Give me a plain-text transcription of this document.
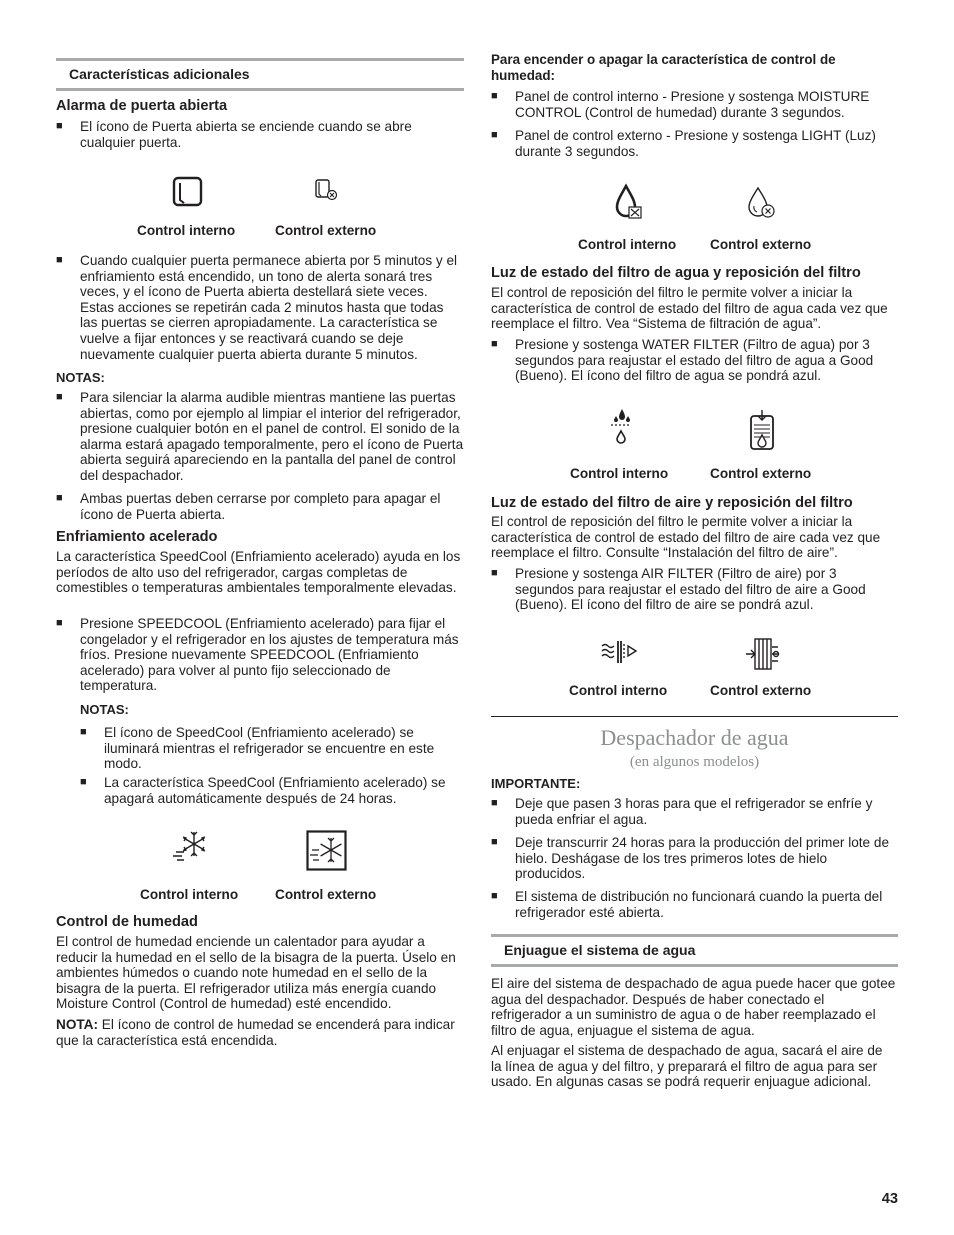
Características adicionales
Alarma de puerta abierta

■ El ícono de Puerta abierta se enciende cuando se abre cualquier puerta.

Control interno	Control externo

■ Cuando cualquier puerta permanece abierta por 5 minutos y el enfriamiento está encendido, un tono de alerta sonará tres veces, y el ícono de Puerta abierta destellará siete veces. Estas acciones se repetirán cada 2 minutos hasta que todas las puertas se cierren apropiadamente. La característica se vuelve a fijar entonces y se reactivará cuando se deje nuevamente cualquier puerta abierta durante 5 minutos.

NOTAS:

■ Para silenciar la alarma audible mientras mantiene las puertas abiertas, como por ejemplo al limpiar el interior del refrigerador, presione cualquier botón en el panel de control. El sonido de la alarma estará apagado temporalmente, pero el ícono de Puerta abierta seguirá apareciendo en la pantalla del panel de control del despachador.

■ Ambas puertas deben cerrarse por completo para apagar el ícono de Puerta abierta.

Enfriamiento acelerado

La característica SpeedCool (Enfriamiento acelerado) ayuda en los períodos de alto uso del refrigerador, cargas completas de comestibles o temperaturas ambientales temporalmente elevadas.

■ Presione SPEEDCOOL (Enfriamiento acelerado) para fijar el congelador y el refrigerador en los ajustes de temperatura más fríos. Presione nuevamente SPEEDCOOL (Enfriamiento acelerado) para volver al punto fijo seleccionado de temperatura.

NOTAS:

■ El ícono de SpeedCool (Enfriamiento acelerado) se iluminará mientras el refrigerador se encuentre en este modo.

■ La característica SpeedCool (Enfriamiento acelerado) se apagará automáticamente después de 24 horas.

Control interno	Control externo
Control de humedad

El control de humedad enciende un calentador para ayudar a reducir la humedad en el sello de la bisagra de la puerta. Úselo en ambientes húmedos o cuando note humedad en el sello de la bisagra de la puerta. El refrigerador utiliza más energía cuando Moisture Control (Control de humedad) esté encendido.

NOTA: El ícono de control de humedad se encenderá para indicar que la característica está encendida.

Para encender o apagar la característica de control de humedad:

■ Panel de control interno - Presione y sostenga MOISTURE CONTROL (Control de humedad) durante 3 segundos.

■ Panel de control externo - Presione y sostenga LIGHT (Luz) durante 3 segundos.

Control interno Control externo
Luz de estado del filtro de agua y reposición del filtro

El control de reposición del filtro le permite volver a iniciar la característica de control de estado del filtro de agua cada vez que reemplace el filtro. Vea “Sistema de filtración de agua”.

■ Presione y sostenga WATER FILTER (Filtro de agua) por 3 segundos para reajustar el estado del filtro de agua a Good (Bueno). El ícono del filtro de agua se pondrá azul.

Control interno	Control externo
Luz de estado del filtro de aire y reposición del filtro

El control de reposición del filtro le permite volver a iniciar la característica de control de estado del filtro de aire cada vez que reemplace el filtro. Consulte “Instalación del filtro de aire”.

■ Presione y sostenga AIR FILTER (Filtro de aire) por 3 segundos para reajustar el estado del filtro de aire a Good (Bueno). El ícono del filtro de aire se pondrá azul.

Control interno	Control externo
Despachador de agua
(en algunos modelos)
IMPORTANTE:

■ Deje que pasen 3 horas para que el refrigerador se enfríe y pueda enfriar el agua.

■ Deje transcurrir 24 horas para la producción del primer lote de hielo. Deshágase de los tres primeros lotes de hielo producidos.

■ El sistema de distribución no funcionará cuando la puerta del refrigerador esté abierta.

Enjuague el sistema de agua

El aire del sistema de despachado de agua puede hacer que gotee agua del despachador. Después de haber conectado el refrigerador a un suministro de agua o de haber reemplazado el filtro de agua, enjuague el sistema de agua.

Al enjuagar el sistema de despachado de agua, sacará el aire de la línea de agua y del filtro, y preparará el filtro de agua para ser usado. En algunas casas se podrá requerir enjuague adicional.

43
